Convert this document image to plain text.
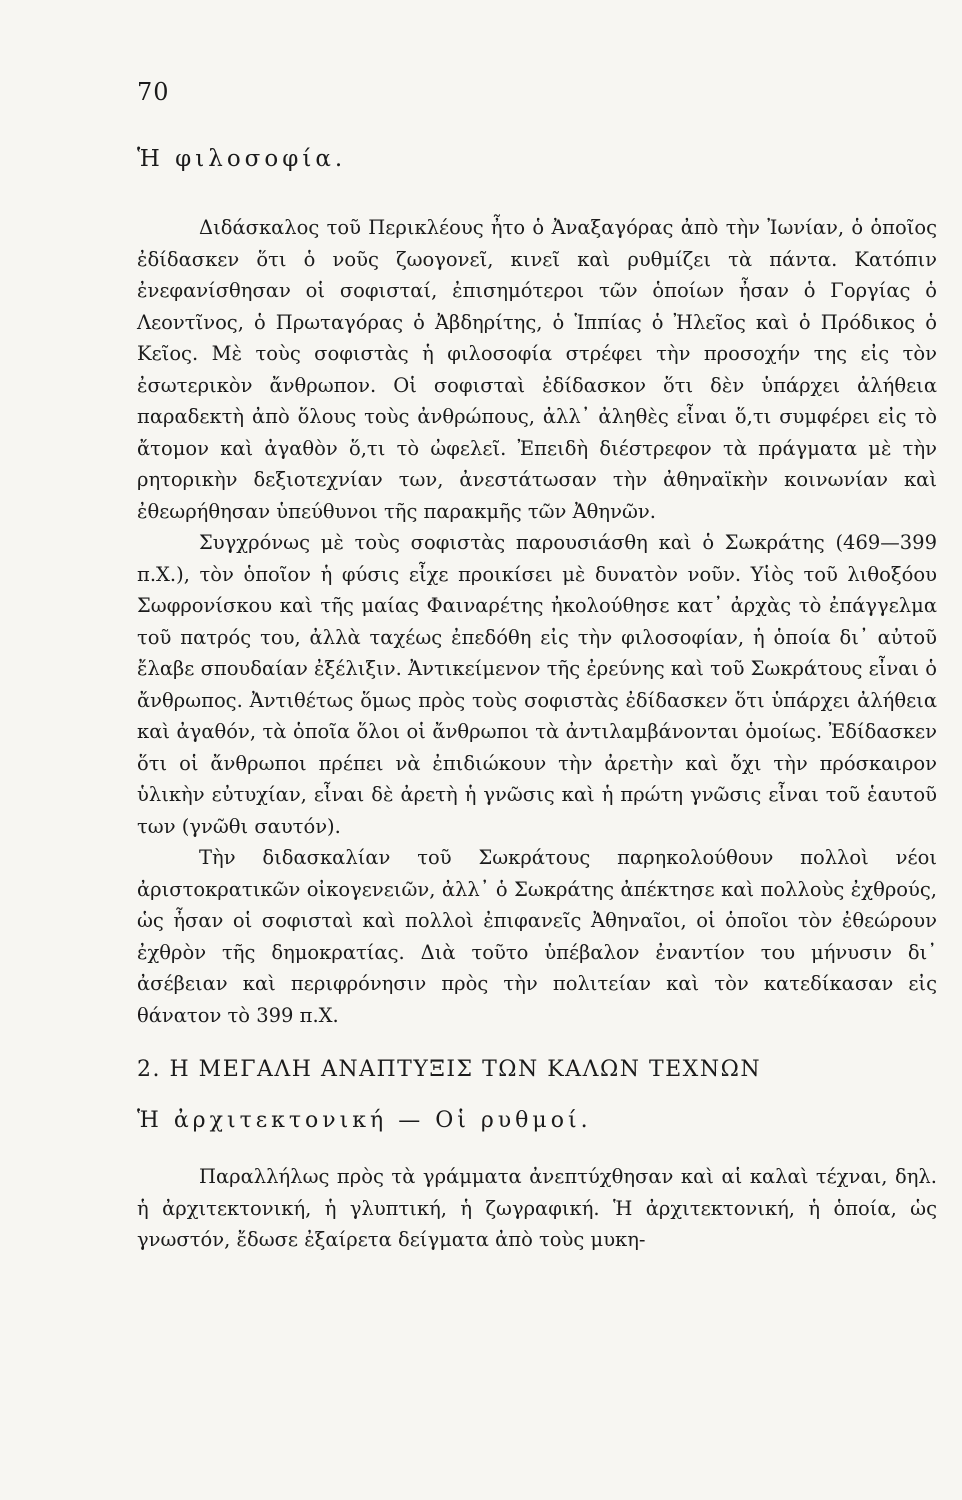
70
Ἡ φιλοσοφία.

Διδάσκαλος τοῦ Περικλέους ἦτο ὁ Ἀναξαγόρας ἀπὸ τὴν Ἰωνίαν, ὁ ὁποῖος ἐδίδασκεν ὅτι ὁ νοῦς ζωογονεῖ, κινεῖ καὶ ρυθμίζει τὰ πάντα. Κατόπιν ἐνεφανίσθησαν οἱ σοφισταί, ἐπισημότεροι τῶν ὁποίων ἦσαν ὁ Γοργίας ὁ Λεοντῖνος, ὁ Πρωταγόρας ὁ Ἀβδηρίτης, ὁ Ἱππίας ὁ Ἠλεῖος καὶ ὁ Πρόδικος ὁ Κεῖος. Μὲ τοὺς σοφιστὰς ἡ φιλοσοφία στρέφει τὴν προσοχήν της εἰς τὸν ἐσωτερικὸν ἄνθρωπον. Οἱ σοφισταὶ ἐδίδασκον ὅτι δὲν ὑπάρχει ἀλήθεια παραδεκτὴ ἀπὸ ὅλους τοὺς ἀνθρώπους, ἀλλ᾽ ἀληθὲς εἶναι ὅ,τι συμφέρει εἰς τὸ ἄτομον καὶ ἀγαθὸν ὅ,τι τὸ ὠφελεῖ. Ἐπειδὴ διέστρεφον τὰ πράγματα μὲ τὴν ρητορικὴν δεξιοτεχνίαν των, ἀνεστάτωσαν τὴν ἀθηναϊκὴν κοινωνίαν καὶ ἐθεωρήθησαν ὑπεύθυνοι τῆς παρακμῆς τῶν Ἀθηνῶν.

Συγχρόνως μὲ τοὺς σοφιστὰς παρουσιάσθη καὶ ὁ Σωκράτης (469—399 π.Χ.), τὸν ὁποῖον ἡ φύσις εἶχε προικίσει μὲ δυνατὸν νοῦν. Υἱὸς τοῦ λιθοξόου Σωφρονίσκου καὶ τῆς μαίας Φαιναρέτης ἠκολούθησε κατ᾽ ἀρχὰς τὸ ἐπάγγελμα τοῦ πατρός του, ἀλλὰ ταχέως ἐπεδόθη εἰς τὴν φιλοσοφίαν, ἡ ὁποία δι᾽ αὐτοῦ ἔλαβε σπουδαίαν ἐξέλιξιν. Ἀντικείμενον τῆς ἐρεύνης καὶ τοῦ Σωκράτους εἶναι ὁ ἄνθρωπος. Ἀντιθέτως ὅμως πρὸς τοὺς σοφιστὰς ἐδίδασκεν ὅτι ὑπάρχει ἀλήθεια καὶ ἀγαθόν, τὰ ὁποῖα ὅλοι οἱ ἄνθρωποι τὰ ἀντιλαμβάνονται ὁμοίως. Ἐδίδασκεν ὅτι οἱ ἄνθρωποι πρέπει νὰ ἐπιδιώκουν τὴν ἀρετὴν καὶ ὄχι τὴν πρόσκαιρον ὑλικὴν εὐτυχίαν, εἶναι δὲ ἀρετὴ ἡ γνῶσις καὶ ἡ πρώτη γνῶσις εἶναι τοῦ ἑαυτοῦ των (γνῶθι σαυτόν).

Τὴν διδασκαλίαν τοῦ Σωκράτους παρηκολούθουν πολλοὶ νέοι ἀριστοκρατικῶν οἰκογενειῶν, ἀλλ᾽ ὁ Σωκράτης ἀπέκτησε καὶ πολλοὺς ἐχθρούς, ὡς ἦσαν οἱ σοφισταὶ καὶ πολλοὶ ἐπιφανεῖς Ἀθηναῖοι, οἱ ὁποῖοι τὸν ἐθεώρουν ἐχθρὸν τῆς δημοκρατίας. Διὰ τοῦτο ὑπέβαλον ἐναντίον του μήνυσιν δι᾽ ἀσέβειαν καὶ περιφρόνησιν πρὸς τὴν πολιτείαν καὶ τὸν κατεδίκασαν εἰς θάνατον τὸ 399 π.Χ.

2. Η ΜΕΓΑΛΗ ΑΝΑΠΤΥΞΙΣ ΤΩΝ ΚΑΛΩΝ ΤΕΧΝΩΝ
Ἡ ἀρχιτεκτονική — Οἱ ρυθμοί.

Παραλλήλως πρὸς τὰ γράμματα ἀνεπτύχθησαν καὶ αἱ καλαὶ τέχναι, δηλ. ἡ ἀρχιτεκτονική, ἡ γλυπτική, ἡ ζωγραφική. Ἡ ἀρχιτεκτονική, ἡ ὁποία, ὡς γνωστόν, ἔδωσε ἐξαίρετα δείγματα ἀπὸ τοὺς μυκη-
